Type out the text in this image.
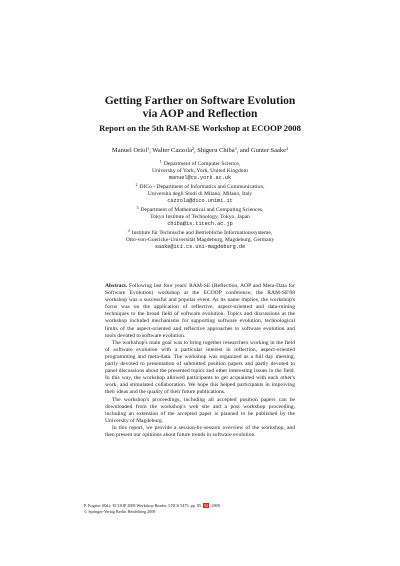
Getting Farther on Software Evolution
via AOP and Reflection
Report on the 5th RAM-SE Workshop at ECOOP 2008
Manuel Oriol$^1$, Walter Cazzola$^2$, Shigeru Chiba$^3$, and Gunter Saake$^4$
$^1$ Department of Computer Science,
University of York, York, United Kingdom
manuel@cs.york.ac.uk
$^2$ DICo - Department of Informatics and Communication,
Università degli Studi di Milano, Milano, Italy
cazzola@dico.unimi.it
$^3$ Department of Mathematical and Computing Sciences,
Tokyo Institute of Technology, Tokyo, Japan
chiba@is.titech.ac.jp
$^4$ Institute für Technische and Betriebliche Informationssysteme,
Otto-von-Guericke-Universität Magdeburg, Magdeburg, Germany
saake@iti.cs.uni-magdeburg.de

Abstract. Following last four years' RAM-SE (Reflection, AOP and Meta-Data for Software Evolution) workshop at the ECOOP conference, the RAM-SE'08 workshop was a successful and popular event. As its name implies, the workshop's focus was on the application of reflective, aspect-oriented and data-mining techniques to the broad field of software evolution. Topics and discussions at the workshop included mechanisms for supporting software evolution, technological limits of the aspect-oriented and reflective approaches to software evolution and tools devoted to software evolution.

The workshop's main goal was to bring together researchers working in the field of software evolution with a particular interest in reflection, aspect-oriented programming and meta-data. The workshop was organized as a full day meeting, partly devoted to presentation of submitted position papers and partly devoted to panel discussions about the presented topics and other interesting issues in the field. In this way, the workshop allowed participants to get acquainted with each other's work, and stimulated collaboration. We hope this helped participants in improving their ideas and the quality of their future publications.

The workshop's proceedings, including all accepted position papers can be downloaded from the workshop's web site and a post workshop proceeding, including an extension of the accepted paper is planned to be published by the University of Magdeburg.

In this report, we provide a session-by-session overview of the workshop, and then present our opinions about future trends in software evolution.

P. Eugster (Ed.): ECOOP 2008 Workshop Reader, LNCS 5475, pp. 85–92, 2009.
© Springer-Verlag Berlin Heidelberg 2009
